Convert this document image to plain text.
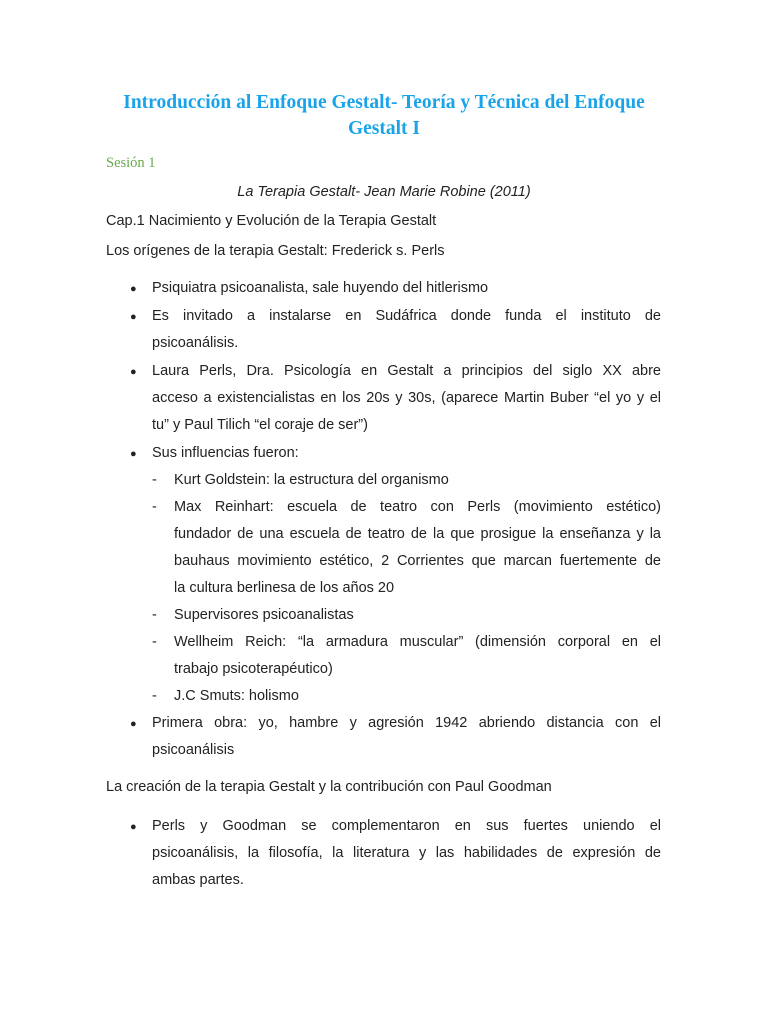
Introducción al Enfoque Gestalt- Teoría y Técnica del Enfoque
Gestalt I
Sesión 1
La Terapia Gestalt- Jean Marie Robine (2011)
Cap.1 Nacimiento y Evolución de la Terapia Gestalt
Los orígenes de la terapia Gestalt: Frederick s. Perls
● Psiquiatra psicoanalista, sale huyendo del hitlerismo
● Es invitado a instalarse en Sudáfrica donde funda el instituto de
psicoanálisis.
● Laura Perls, Dra. Psicología en Gestalt a principios del siglo XX abre
acceso a existencialistas en los 20s y 30s, (aparece Martin Buber “el yo y el
tu” y Paul Tilich “el coraje de ser”)
● Sus influencias fueron:
-	Kurt Goldstein: la estructura del organismo
-	Max Reinhart: escuela de teatro con Perls (movimiento estético)
fundador de una escuela de teatro de la que prosigue la enseñanza y la
bauhaus movimiento estético, 2 Corrientes que marcan fuertemente de
la cultura berlinesa de los años 20
-	Supervisores psicoanalistas
-	Wellheim Reich: “la armadura muscular” (dimensión corporal en el
trabajo psicoterapéutico)
-	J.C Smuts: holismo
● Primera obra: yo, hambre y agresión 1942 abriendo distancia con el
psicoanálisis
La creación de la terapia Gestalt y la contribución con Paul Goodman
● Perls y Goodman se complementaron en sus fuertes uniendo el
psicoanálisis, la filosofía, la literatura y las habilidades de expresión de
ambas partes.
